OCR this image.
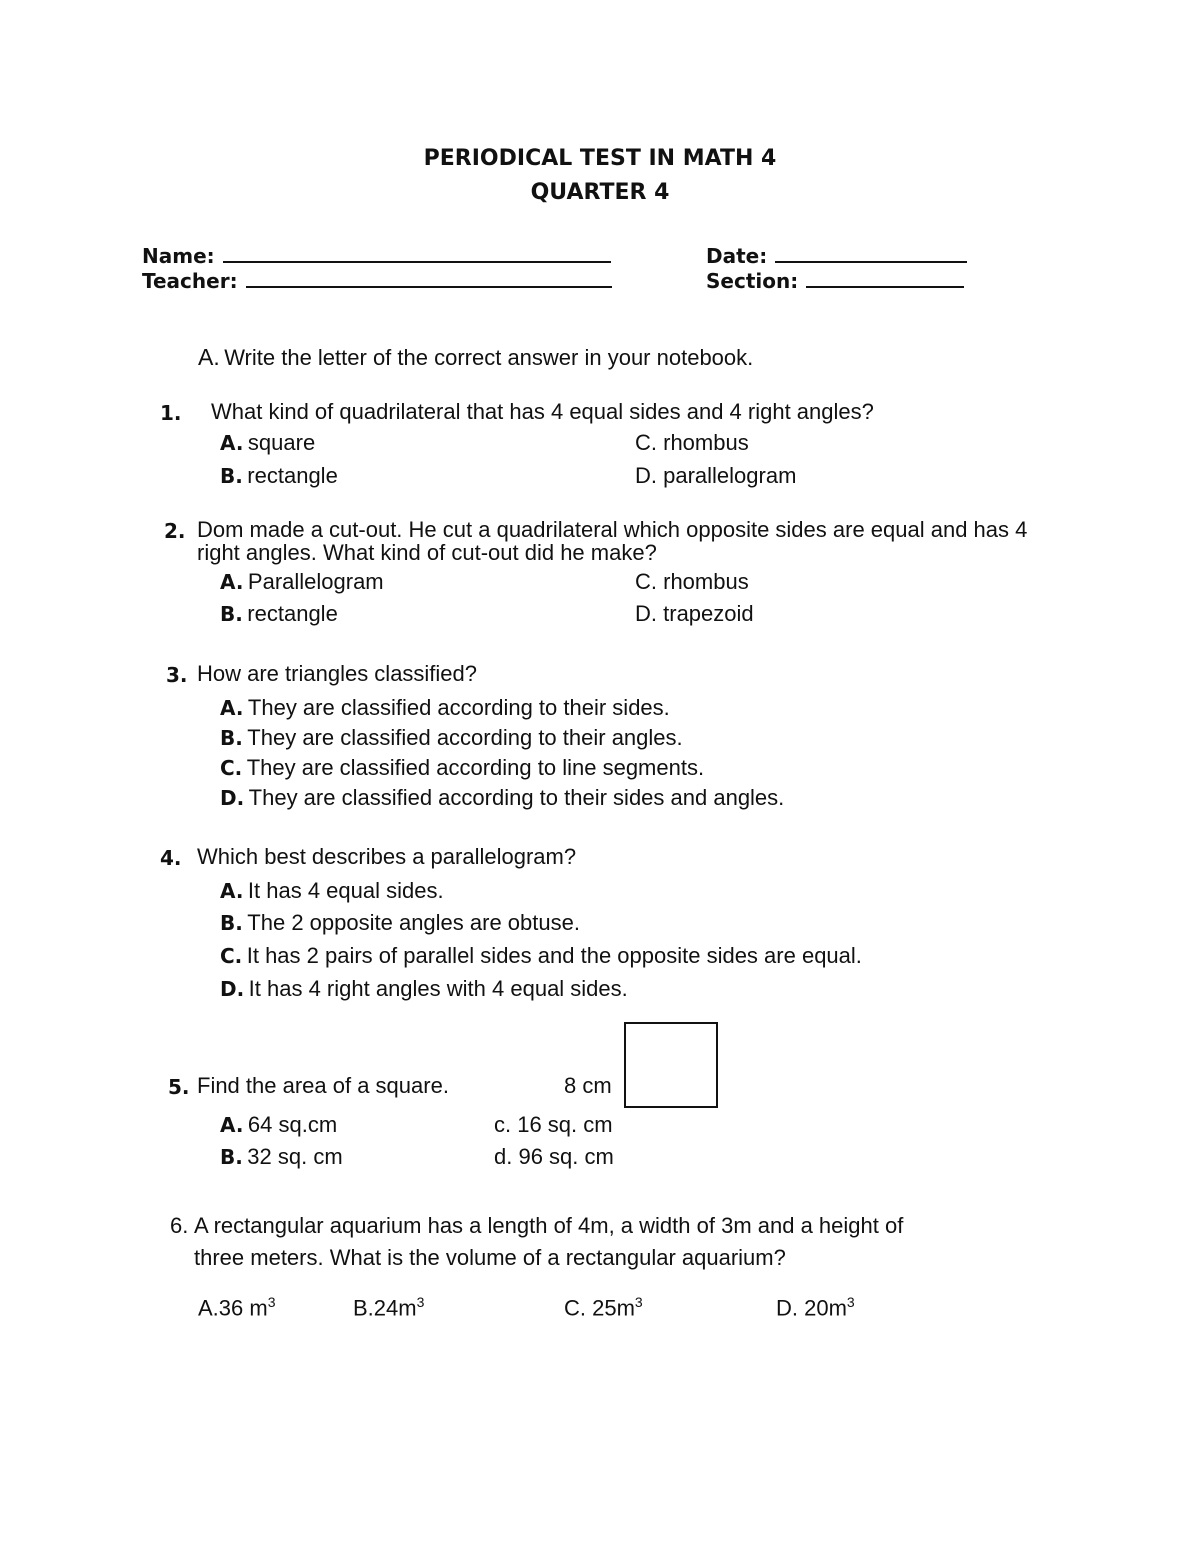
PERIODICAL TEST IN MATH 4
QUARTER 4
Name:	Date:
Teacher:	Section:
A. Write the letter of the correct answer in your notebook.
1. What kind of quadrilateral that has 4 equal sides and 4 right angles?
A. square
B. rectangle
C. rhombus
D. parallelogram
2. Dom made a cut-out. He cut a quadrilateral which opposite sides are equal and has 4
right angles. What kind of cut-out did he make?
A. Parallelogram
B. rectangle
C. rhombus
D. trapezoid
3. How are triangles classified?
A. They are classified according to their sides.
B. They are classified according to their angles.
C. They are classified according to line segments.
D. They are classified according to their sides and angles.
4. Which best describes a parallelogram?
A. It has 4 equal sides.
B. The 2 opposite angles are obtuse.
C. It has 2 pairs of parallel sides and the opposite sides are equal.
D. It has 4 right angles with 4 equal sides.
5. Find the area of a square.	8 cm
A. 64 sq.cm
B. 32 sq. cm
c. 16 sq. cm
d. 96 sq. cm
6. A rectangular aquarium has a length of 4m, a width of 3m and a height of
three meters. What is the volume of a rectangular aquarium?
A.36 $m^3$	$B.24m^3$	C. $25m^3$	D. $20m^3$
